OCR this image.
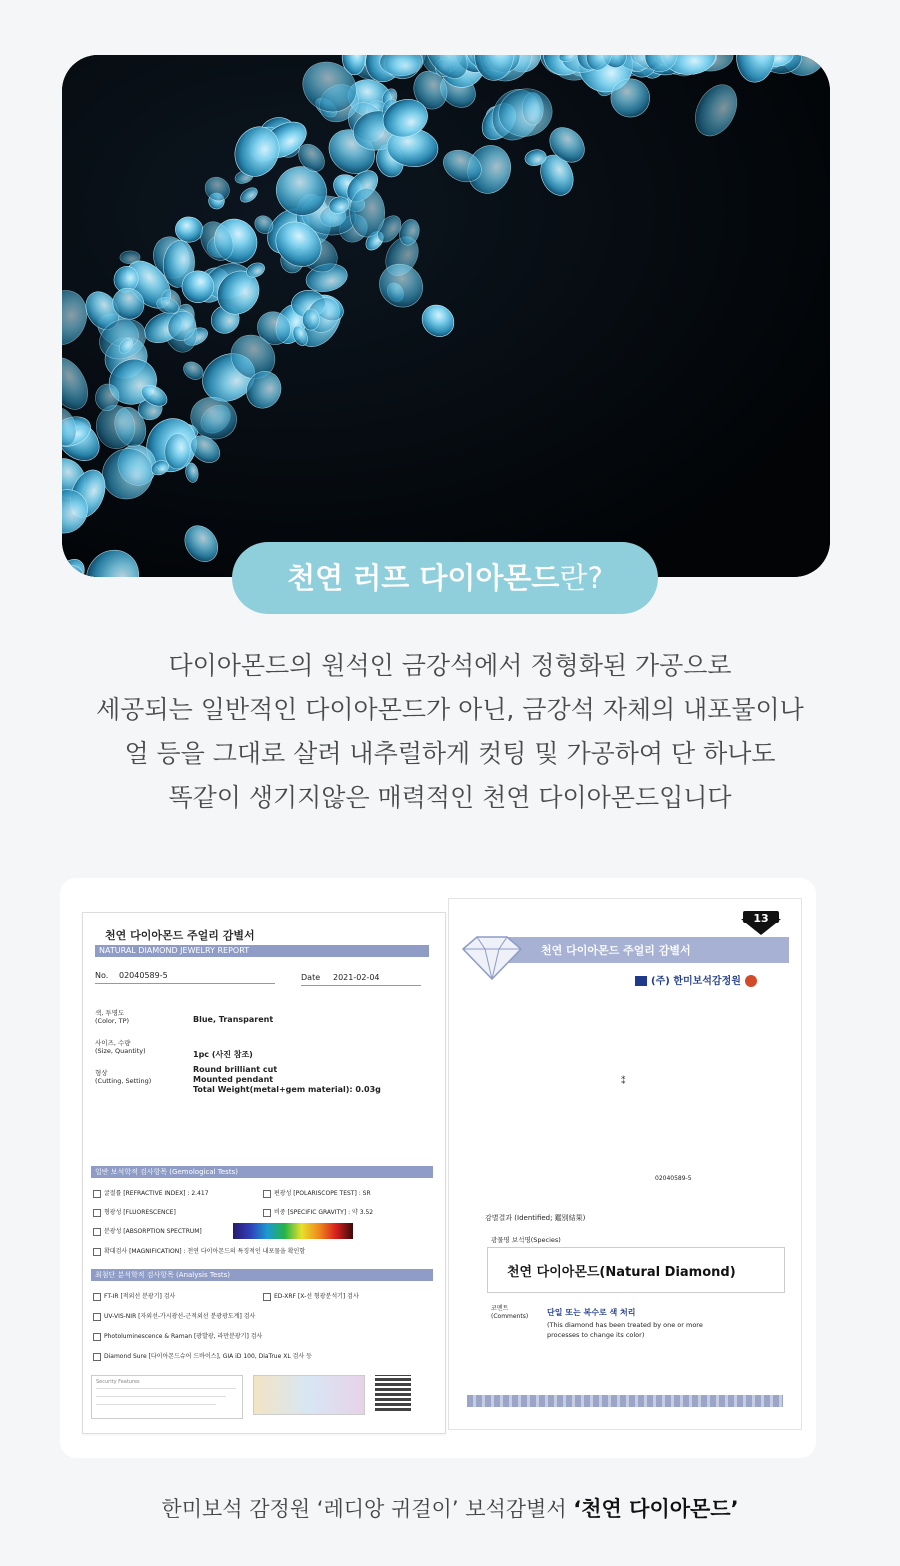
천연 러프 다이아몬드란?
다이아몬드의 원석인 금강석에서 정형화된 가공으로
세공되는 일반적인 다이아몬드가 아닌, 금강석 자체의 내포물이나
얼 등을 그대로 살려 내추럴하게 컷팅 및 가공하여 단 하나도
똑같이 생기지않은 매력적인 천연 다이아몬드입니다
천연 다이아몬드 주얼리 감별서
NATURAL DIAMOND JEWELRY REPORT
No. 02040589-5	Date 2021-02-04
색, 투명도
(Color, TP)	Blue, Transparent
사이즈, 수량
(Size, Quantity)	1pc (사진 참조)
형상
(Cutting, Setting)
Round brilliant cut
Mounted pendant
Total Weight(metal+gem material): 0.03g
일반 보석학적 검사항목 (Gemological Tests)
굴절률 [REFRACTIVE INDEX] : 2.417	편광성 [POLARISCOPE TEST] : SR
형광성 [FLUORESCENCE]	비중 [SPECIFIC GRAVITY] : 약 3.52
분광성 [ABSORPTION SPECTRUM]
확대검사 [MAGNIFICATION] : 천연 다이아몬드의 특징적인 내포물을 확인함
최첨단 분석학적 검사항목 (Analysis Tests)
FT-IR [적외선 분광기] 검사	ED-XRF [X-선 형광분석기] 검사
UV-VIS-NIR [자외선-가시광선-근적외선 분광광도계] 검사
Photoluminescence & Raman [광발광, 라만분광기] 검사
Diamond Sure [다이아몬드슈어 드바이스], GIA iD 100, DiaTrue XL 검사 등
Security Features
13
천연 다이아몬드 주얼리 감별서
(주) 한미보석감정원
⁑
02040589-5
감별결과 (Identified; 鑑別結果)
광물명 보석명(Species)
천연 다이아몬드(Natural Diamond)
코멘트
(Comments) 단일 또는 복수로 색 처리
(This diamond has been treated by one or more
processes to change its color)
한미보석 감정원 ‘레디앙 귀걸이’ 보석감별서 ‘천연 다이아몬드’
